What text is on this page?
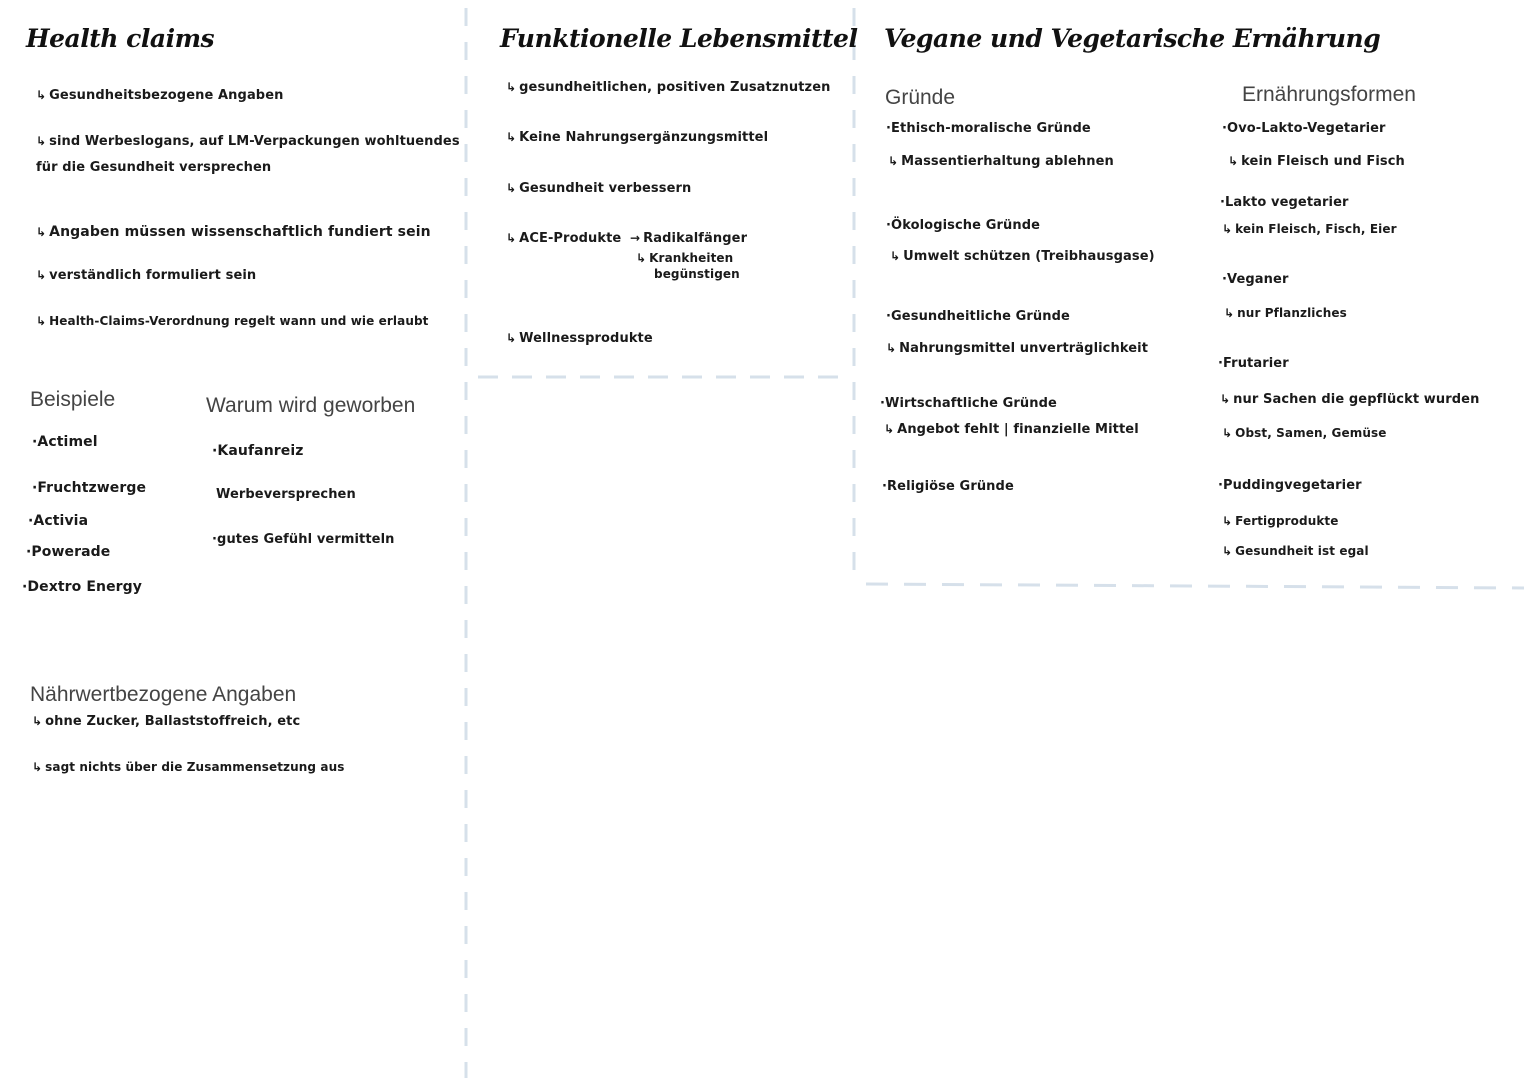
Health claims
↳ Gesundheitsbezogene Angaben
↳ sind Werbeslogans, auf LM-Verpackungen wohltuendes
für die Gesundheit versprechen
↳ Angaben müssen wissenschaftlich fundiert sein
↳ verständlich formuliert sein
↳ Health-Claims-Verordnung regelt wann und wie erlaubt
Beispiele
·Actimel
·Fruchtzwerge
·Activia
·Powerade
·Dextro Energy
Warum wird geworben
·Kaufanreiz
Werbeversprechen
·gutes Gefühl vermitteln
Nährwertbezogene Angaben
↳ ohne Zucker, Ballaststoffreich, etc
↳ sagt nichts über die Zusammensetzung aus
Funktionelle Lebensmittel
↳ gesundheitlichen, positiven Zusatznutzen
↳ Keine Nahrungsergänzungsmittel
↳ Gesundheit verbessern
↳ ACE-Produkte → Radikalfänger
↳ Krankheiten
begünstigen
↳ Wellnessprodukte
Vegane und Vegetarische Ernährung
Gründe
·Ethisch-moralische Gründe
↳ Massentierhaltung ablehnen
·Ökologische Gründe
↳ Umwelt schützen (Treibhausgase)
·Gesundheitliche Gründe
↳ Nahrungsmittel unverträglichkeit
·Wirtschaftliche Gründe
↳ Angebot fehlt | finanzielle Mittel
·Religiöse Gründe
Ernährungsformen
·Ovo-Lakto-Vegetarier
↳ kein Fleisch und Fisch
·Lakto vegetarier
↳ kein Fleisch, Fisch, Eier
·Veganer
↳ nur Pflanzliches
·Frutarier
↳ nur Sachen die gepflückt wurden
↳ Obst, Samen, Gemüse
·Puddingvegetarier
↳ Fertigprodukte
↳ Gesundheit ist egal
